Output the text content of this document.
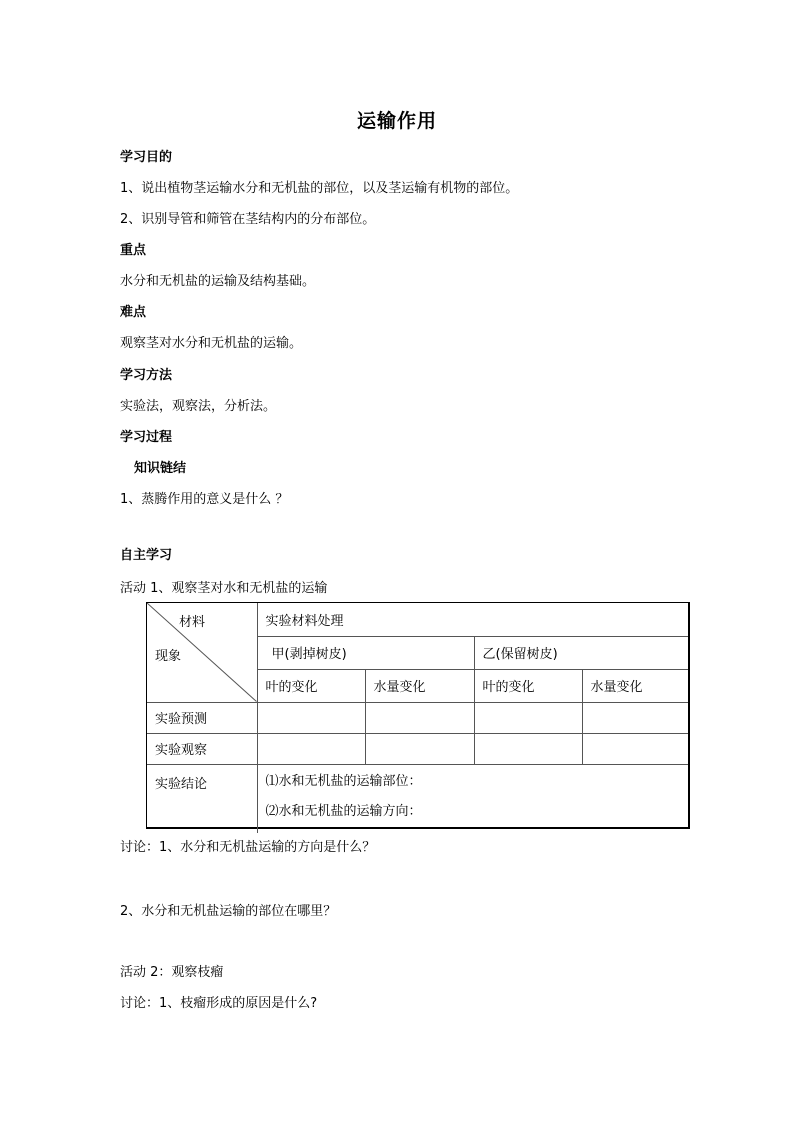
运输作用
学习目的
1、说出植物茎运输水分和无机盐的部位，以及茎运输有机物的部位。
2、识别导管和筛管在茎结构内的分布部位。
重点
水分和无机盐的运输及结构基础。
难点
观察茎对水分和无机盐的运输。
学习方法
实验法，观察法，分析法。
学习过程
知识链结
1、蒸腾作用的意义是什么 ？
自主学习
活动 1、观察茎对水和无机盐的运输
材料
现象	实验材料处理			
	甲(剥掉树皮)		乙(保留树皮)	
	叶的变化	水量变化	叶的变化	水量变化
实验预测				
实验观察				
实验结论	⑴水和无机盐的运输部位：
⑵水和无机盐的运输方向：			
讨论：1、水分和无机盐运输的方向是什么？
2、水分和无机盐运输的部位在哪里？
活动 2：观察枝瘤
讨论：1、枝瘤形成的原因是什么?
